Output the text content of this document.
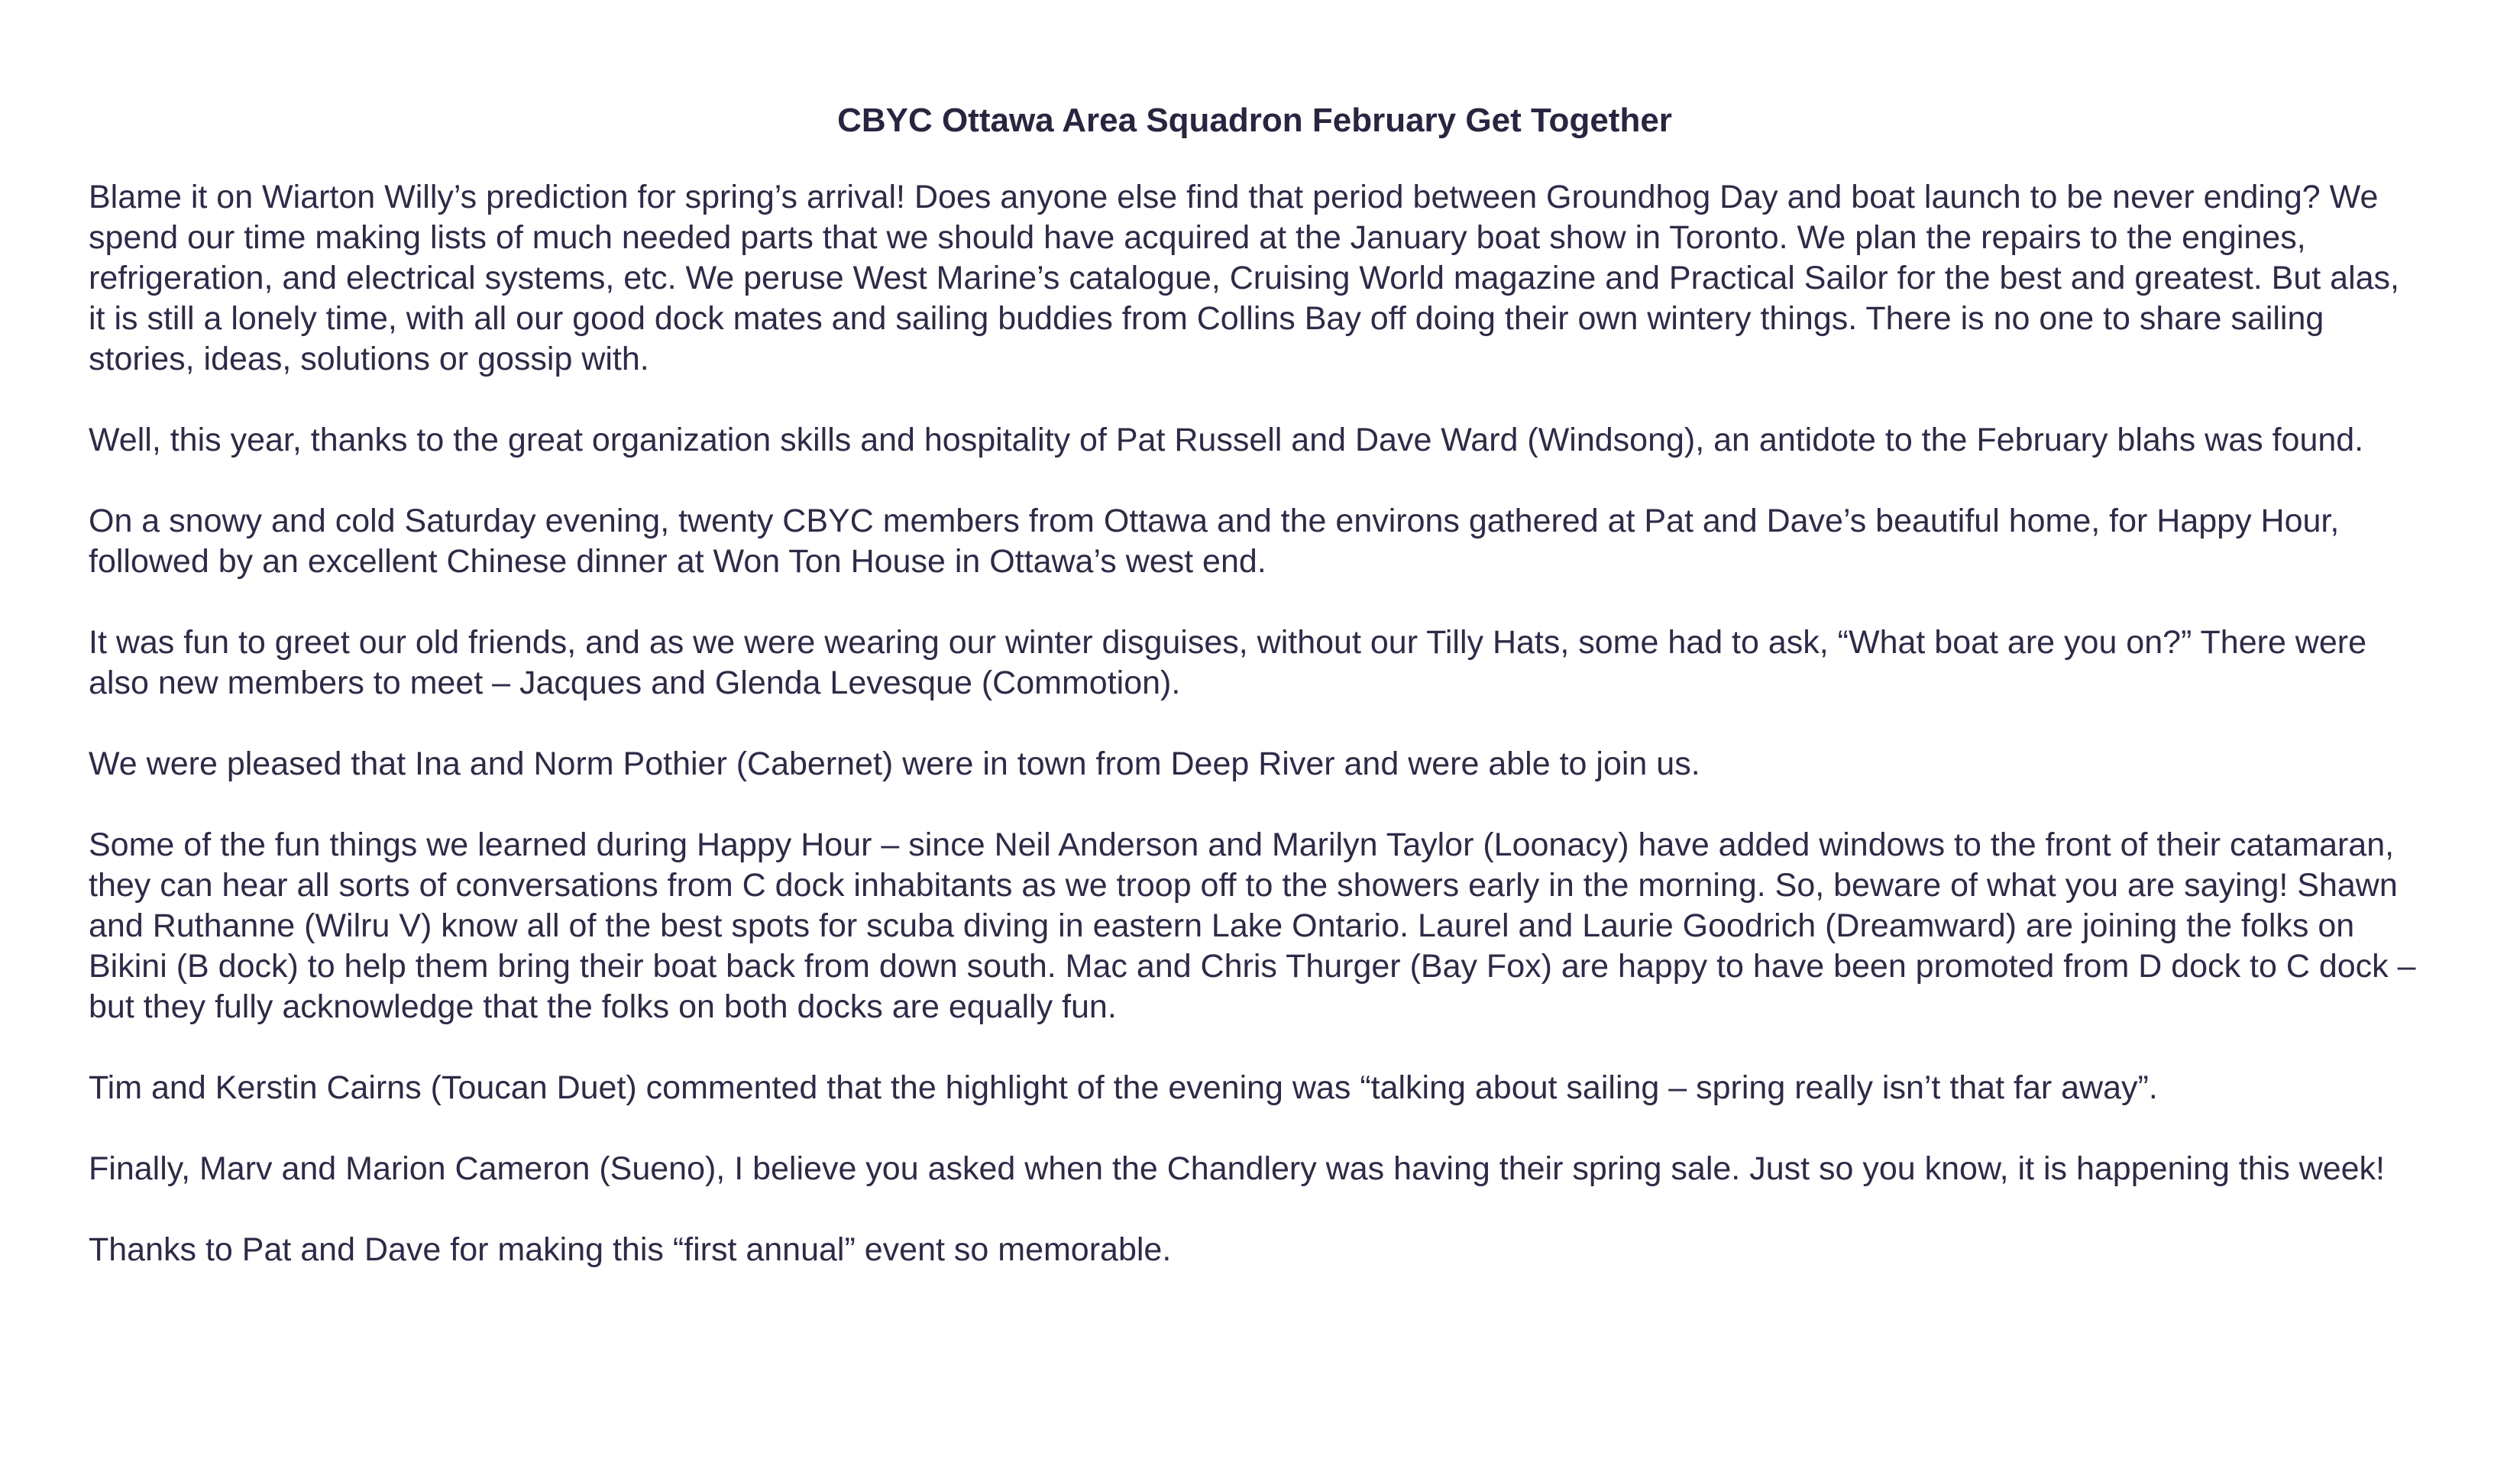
CBYC Ottawa Area Squadron February Get Together

Blame it on Wiarton Willy’s prediction for spring’s arrival! Does anyone else find that period between Groundhog Day and boat launch to be never ending? We spend our time making lists of much needed parts that we should have acquired at the January boat show in Toronto. We plan the repairs to the engines, refrigeration, and electrical systems, etc. We peruse West Marine’s catalogue, Cruising World magazine and Practical Sailor for the best and greatest. But alas, it is still a lonely time, with all our good dock mates and sailing buddies from Collins Bay off doing their own wintery things. There is no one to share sailing stories, ideas, solutions or gossip with.

Well, this year, thanks to the great organization skills and hospitality of Pat Russell and Dave Ward (Windsong), an antidote to the February blahs was found.

On a snowy and cold Saturday evening, twenty CBYC members from Ottawa and the environs gathered at Pat and Dave’s beautiful home, for Happy Hour, followed by an excellent Chinese dinner at Won Ton House in Ottawa’s west end.

It was fun to greet our old friends, and as we were wearing our winter disguises, without our Tilly Hats, some had to ask, “What boat are you on?” There were also new members to meet – Jacques and Glenda Levesque (Commotion).

We were pleased that Ina and Norm Pothier (Cabernet) were in town from Deep River and were able to join us.

Some of the fun things we learned during Happy Hour – since Neil Anderson and Marilyn Taylor (Loonacy) have added windows to the front of their catamaran, they can hear all sorts of conversations from C dock inhabitants as we troop off to the showers early in the morning. So, beware of what you are saying! Shawn and Ruthanne (Wilru V) know all of the best spots for scuba diving in eastern Lake Ontario. Laurel and Laurie Goodrich (Dreamward) are joining the folks on Bikini (B dock) to help them bring their boat back from down south. Mac and Chris Thurger (Bay Fox) are happy to have been promoted from D dock to C dock – but they fully acknowledge that the folks on both docks are equally fun.

Tim and Kerstin Cairns (Toucan Duet) commented that the highlight of the evening was “talking about sailing – spring really isn’t that far away”.

Finally, Marv and Marion Cameron (Sueno), I believe you asked when the Chandlery was having their spring sale. Just so you know, it is happening this week!

Thanks to Pat and Dave for making this “first annual” event so memorable.
